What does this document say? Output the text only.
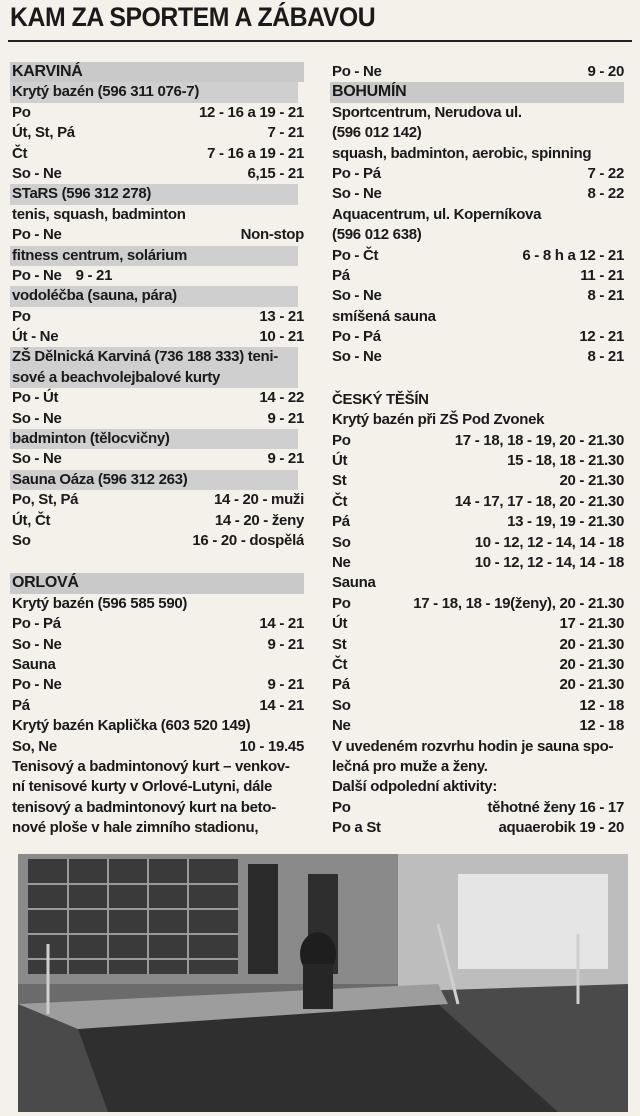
KAM ZA SPORTEM A ZÁBAVOU
KARVINÁ
Krytý bazén (596 311 076-7)
Po	12 - 16 a 19 - 21
Út, St, Pá	7 - 21
Čt	7 - 16 a 19 - 21
So - Ne	6,15 - 21
STaRS (596 312 278)
tenis, squash, badminton
Po - Ne	Non-stop
fitness centrum, solárium
Po - Ne 9 - 21
vodoléčba (sauna, pára)
Po	13 - 21
Út - Ne	10 - 21
ZŠ Dělnická Karviná (736 188 333) teni-
sové a beachvolejbalové kurty
Po - Út	14 - 22
So - Ne	9 - 21
badminton (tělocvičny)
So - Ne	9 - 21
Sauna Oáza (596 312 263)
Po, St, Pá	14 - 20 - muži
Út, Čt	14 - 20 - ženy
So	16 - 20 - dospělá
ORLOVÁ
Krytý bazén (596 585 590)
Po - Pá	14 - 21
So - Ne	9 - 21
Sauna
Po - Ne	9 - 21
Pá	14 - 21
Krytý bazén Kaplička (603 520 149)
So, Ne	10 - 19.45
Tenisový a badmintonový kurt – venkov-
ní tenisové kurty v Orlové-Lutyni, dále
tenisový a badmintonový kurt na beto-
nové ploše v hale zimního stadionu,
Po - Ne	9 - 20
BOHUMÍN
Sportcentrum, Nerudova ul.
(596 012 142)
squash, badminton, aerobic, spinning
Po - Pá	7 - 22
So - Ne	8 - 22
Aquacentrum, ul. Koperníkova
(596 012 638)
Po - Čt	6 - 8 h a 12 - 21
Pá	11 - 21
So - Ne	8 - 21
smíšená sauna
Po - Pá	12 - 21
So - Ne	8 - 21
ČESKÝ TĚŠÍN
Krytý bazén při ZŠ Pod Zvonek
Po	17 - 18, 18 - 19, 20 - 21.30
Út	15 - 18, 18 - 21.30
St	20 - 21.30
Čt	14 - 17, 17 - 18, 20 - 21.30
Pá	13 - 19, 19 - 21.30
So	10 - 12, 12 - 14, 14 - 18
Ne	10 - 12, 12 - 14, 14 - 18
Sauna
Po	17 - 18, 18 - 19(ženy), 20 - 21.30
Út	17 - 21.30
St	20 - 21.30
Čt	20 - 21.30
Pá	20 - 21.30
So	12 - 18
Ne	12 - 18
V uvedeném rozvrhu hodin je sauna spo-
lečná pro muže a ženy.
Další odpolední aktivity:
Po	těhotné ženy 16 - 17
Po a St	aquaerobik 19 - 20
